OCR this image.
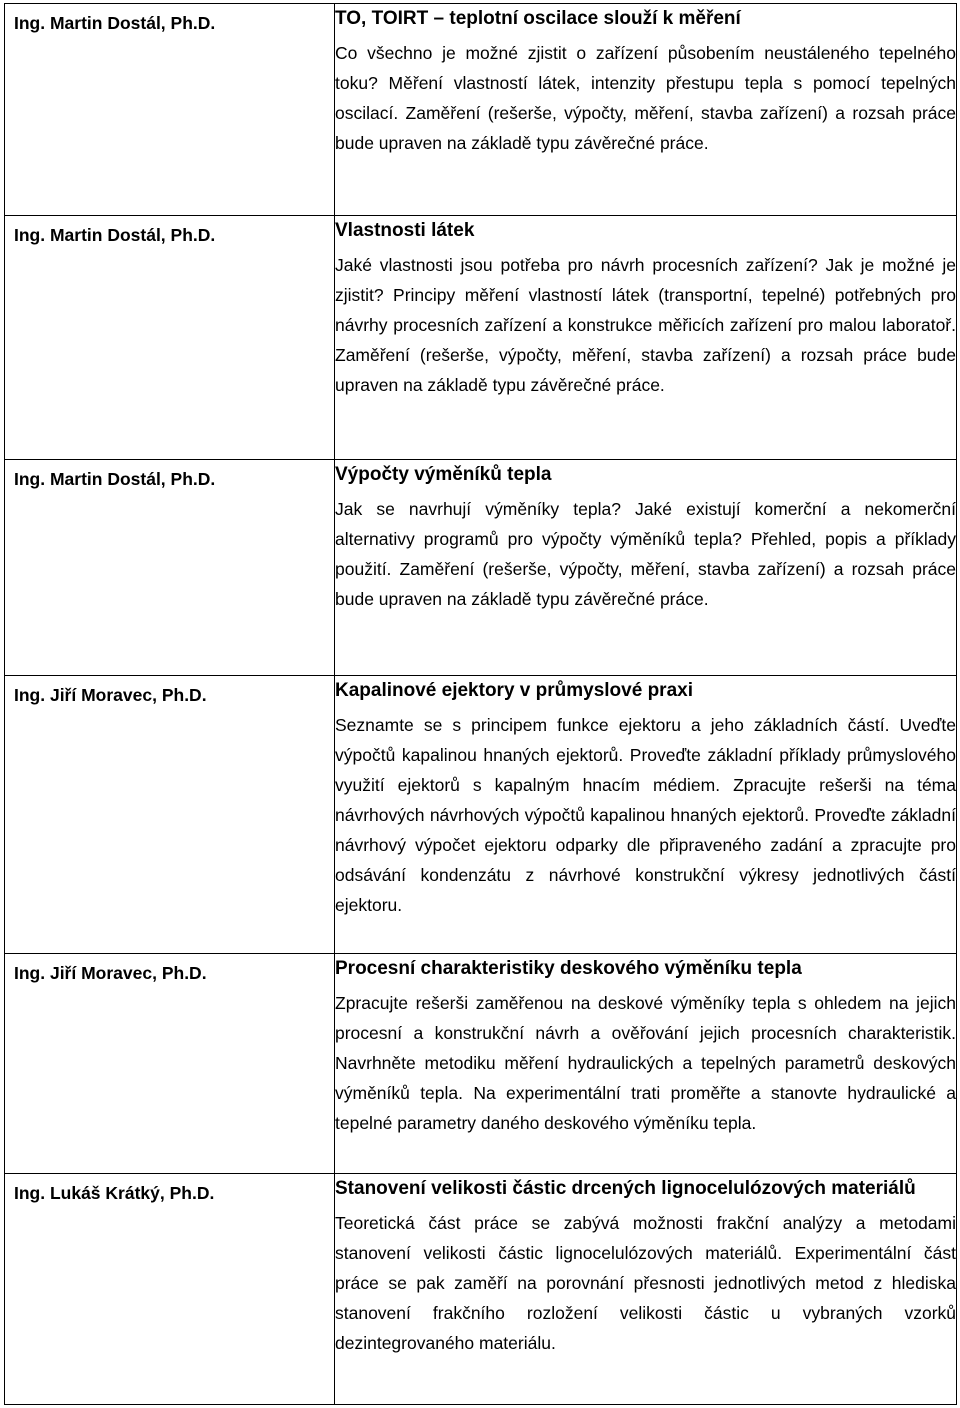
Ing. Martin Dostál, Ph.D.	TO, TOIRT – teplotní oscilace slouží k měření
Co všechno je možné zjistit o zařízení působením neustáleného tepelného toku? Měření vlastností látek, intenzity přestupu tepla s pomocí tepelných oscilací. Zaměření (rešerše, výpočty, měření, stavba zařízení) a rozsah práce bude upraven na základě typu závěrečné práce.

Ing. Martin Dostál, Ph.D.	Vlastnosti látek
Jaké vlastnosti jsou potřeba pro návrh procesních zařízení? Jak je možné je zjistit? Principy měření vlastností látek (transportní, tepelné) potřebných pro návrhy procesních zařízení a konstrukce měřicích zařízení pro malou laboratoř. Zaměření (rešerše, výpočty, měření, stavba zařízení) a rozsah práce bude upraven na základě typu závěrečné práce.

Ing. Martin Dostál, Ph.D.	Výpočty výměníků tepla
Jak se navrhují výměníky tepla? Jaké existují komerční a nekomerční alternativy programů pro výpočty výměníků tepla? Přehled, popis a příklady použití. Zaměření (rešerše, výpočty, měření, stavba zařízení) a rozsah práce bude upraven na základě typu závěrečné práce.

Ing. Jiří Moravec, Ph.D.	Kapalinové ejektory v průmyslové praxi
Seznamte se s principem funkce ejektoru a jeho základních částí. Uveďte výpočtů kapalinou hnaných ejektorů. Proveďte základní příklady průmyslového využití ejektorů s kapalným hnacím médiem. Zpracujte rešerši na téma návrhových návrhových výpočtů kapalinou hnaných ejektorů. Proveďte základní návrhový výpočet ejektoru odparky dle připraveného zadání a zpracujte pro odsávání kondenzátu z návrhové konstrukční výkresy jednotlivých částí ejektoru.

Ing. Jiří Moravec, Ph.D.	Procesní charakteristiky deskového výměníku tepla
Zpracujte rešerši zaměřenou na deskové výměníky tepla s ohledem na jejich procesní a konstrukční návrh a ověřování jejich procesních charakteristik. Navrhněte metodiku měření hydraulických a tepelných parametrů deskových výměníků tepla. Na experimentální trati proměřte a stanovte hydraulické a tepelné parametry daného deskového výměníku tepla.

Ing. Lukáš Krátký, Ph.D.	Stanovení velikosti částic drcených lignocelulózových materiálů
Teoretická část práce se zabývá možnosti frakční analýzy a metodami stanovení velikosti částic lignocelulózových materiálů. Experimentální část práce se pak zaměří na porovnání přesnosti jednotlivých metod z hlediska stanovení frakčního rozložení velikosti částic u vybraných vzorků dezintegrovaného materiálu.
